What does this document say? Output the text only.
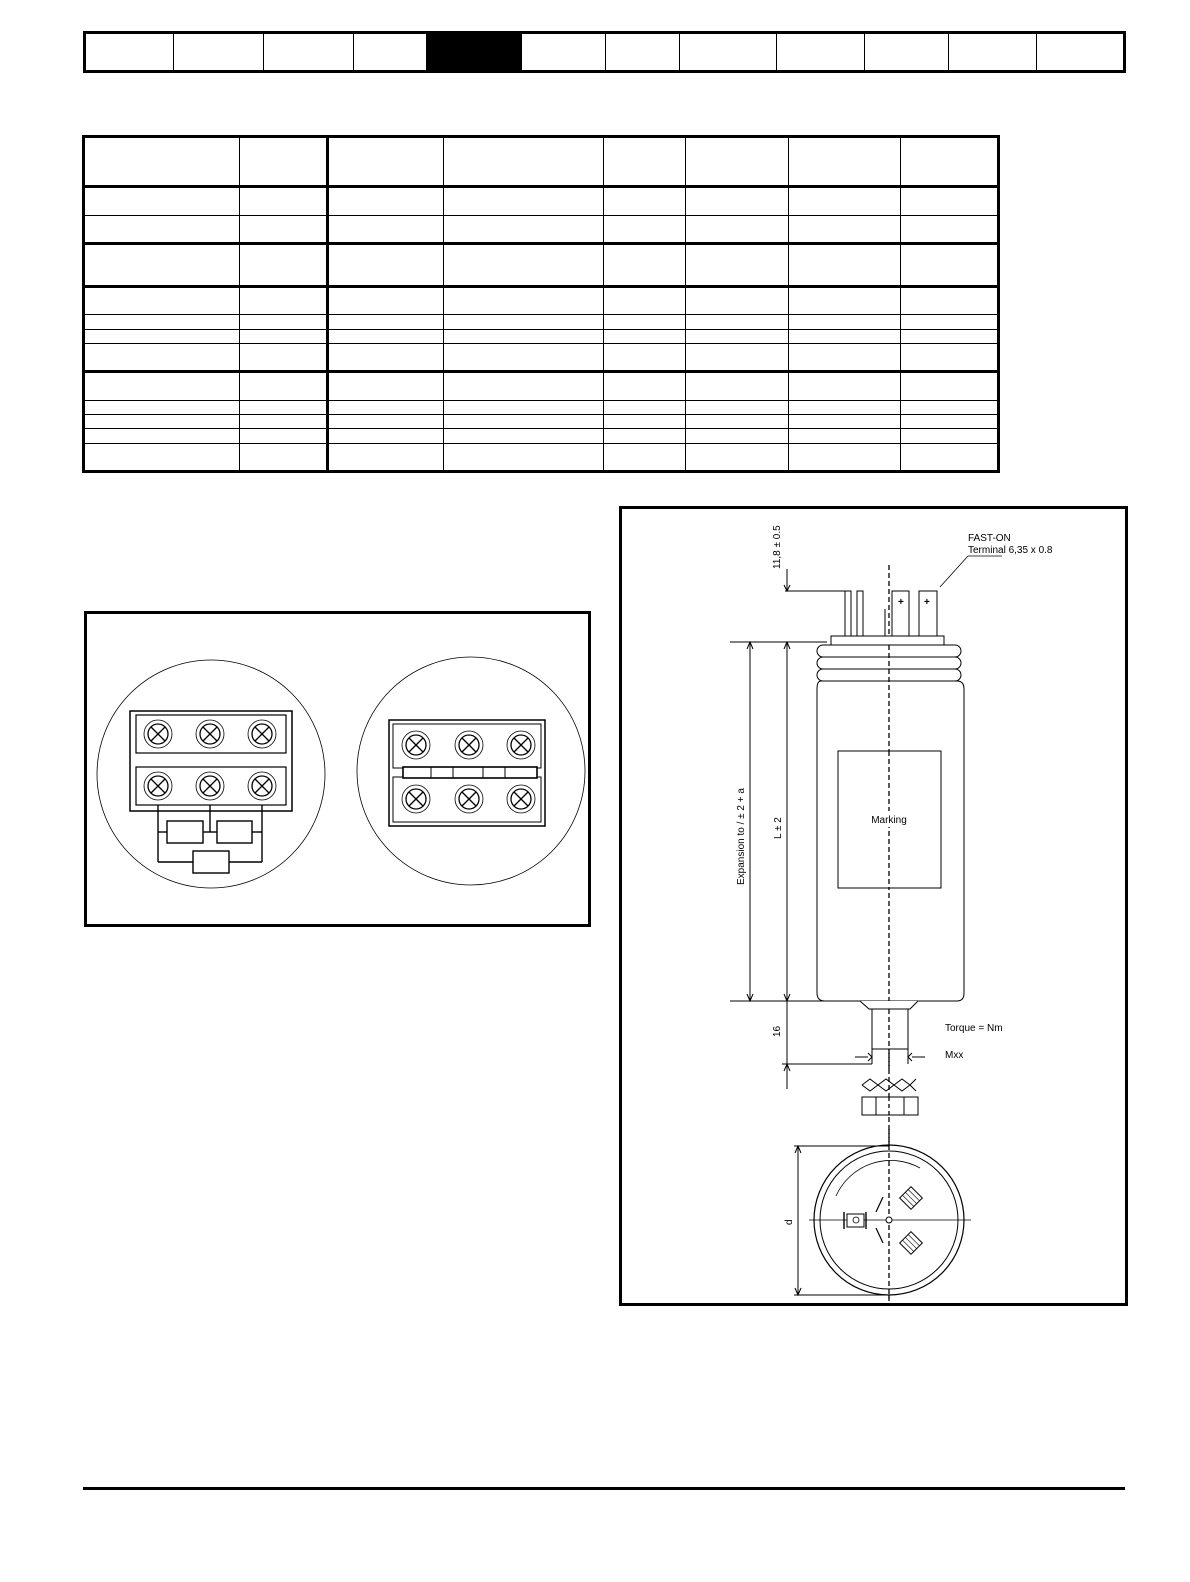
+ +
FAST-ON
Terminal 6,35 x 0.8
Marking
Torque = Nm
Mxx
11,8 ± 0.5
Expansion to / ± 2 + a	L ± 2
16
d
